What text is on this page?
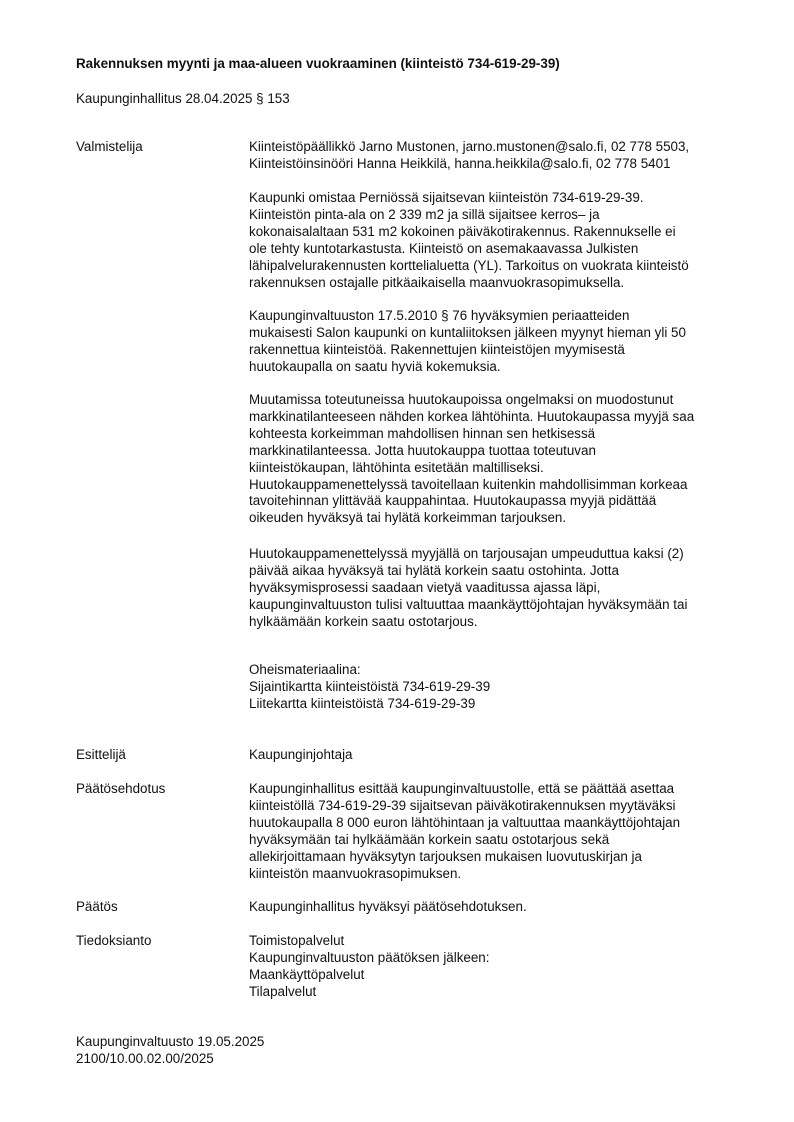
Rakennuksen myynti ja maa-alueen vuokraaminen (kiinteistö 734-619-29-39)
Kaupunginhallitus 28.04.2025 § 153
Valmistelija	Kiinteistöpäällikkö Jarno Mustonen, jarno.mustonen@salo.fi, 02 778 5503,
Kiinteistöinsinööri Hanna Heikkilä, hanna.heikkila@salo.fi, 02 778 5401
Kaupunki omistaa Perniössä sijaitsevan kiinteistön 734-619-29-39.
Kiinteistön pinta-ala on 2 339 m2 ja sillä sijaitsee kerros– ja
kokonaisalaltaan 531 m2 kokoinen päiväkotirakennus. Rakennukselle ei
ole tehty kuntotarkastusta. Kiinteistö on asemakaavassa Julkisten
lähipalvelurakennusten korttelialuetta (YL). Tarkoitus on vuokrata kiinteistö
rakennuksen ostajalle pitkäaikaisella maanvuokrasopimuksella.
Kaupunginvaltuuston 17.5.2010 § 76 hyväksymien periaatteiden
mukaisesti Salon kaupunki on kuntaliitoksen jälkeen myynyt hieman yli 50
rakennettua kiinteistöä. Rakennettujen kiinteistöjen myymisestä
huutokaupalla on saatu hyviä kokemuksia.
Muutamissa toteutuneissa huutokaupoissa ongelmaksi on muodostunut
markkinatilanteeseen nähden korkea lähtöhinta. Huutokaupassa myyjä saa
kohteesta korkeimman mahdollisen hinnan sen hetkisessä
markkinatilanteessa. Jotta huutokauppa tuottaa toteutuvan
kiinteistökaupan, lähtöhinta esitetään maltilliseksi.
Huutokauppamenettelyssä tavoitellaan kuitenkin mahdollisimman korkeaa
tavoitehinnan ylittävää kauppahintaa. Huutokaupassa myyjä pidättää
oikeuden hyväksyä tai hylätä korkeimman tarjouksen.
Huutokauppamenettelyssä myyjällä on tarjousajan umpeuduttua kaksi (2)
päivää aikaa hyväksyä tai hylätä korkein saatu ostohinta. Jotta
hyväksymisprosessi saadaan vietyä vaaditussa ajassa läpi,
kaupunginvaltuuston tulisi valtuuttaa maankäyttöjohtajan hyväksymään tai
hylkäämään korkein saatu ostotarjous.
Oheismateriaalina:
Sijaintikartta kiinteistöistä 734-619-29-39
Liitekartta kiinteistöistä 734-619-29-39
Esittelijä	Kaupunginjohtaja
Päätösehdotus	Kaupunginhallitus esittää kaupunginvaltuustolle, että se päättää asettaa
kiinteistöllä 734-619-29-39 sijaitsevan päiväkotirakennuksen myytäväksi
huutokaupalla 8 000 euron lähtöhintaan ja valtuuttaa maankäyttöjohtajan
hyväksymään tai hylkäämään korkein saatu ostotarjous sekä
allekirjoittamaan hyväksytyn tarjouksen mukaisen luovutuskirjan ja
kiinteistön maanvuokrasopimuksen.
Päätös	Kaupunginhallitus hyväksyi päätösehdotuksen.
Tiedoksianto	Toimistopalvelut
Kaupunginvaltuuston päätöksen jälkeen:
Maankäyttöpalvelut
Tilapalvelut
Kaupunginvaltuusto 19.05.2025
2100/10.00.02.00/2025
